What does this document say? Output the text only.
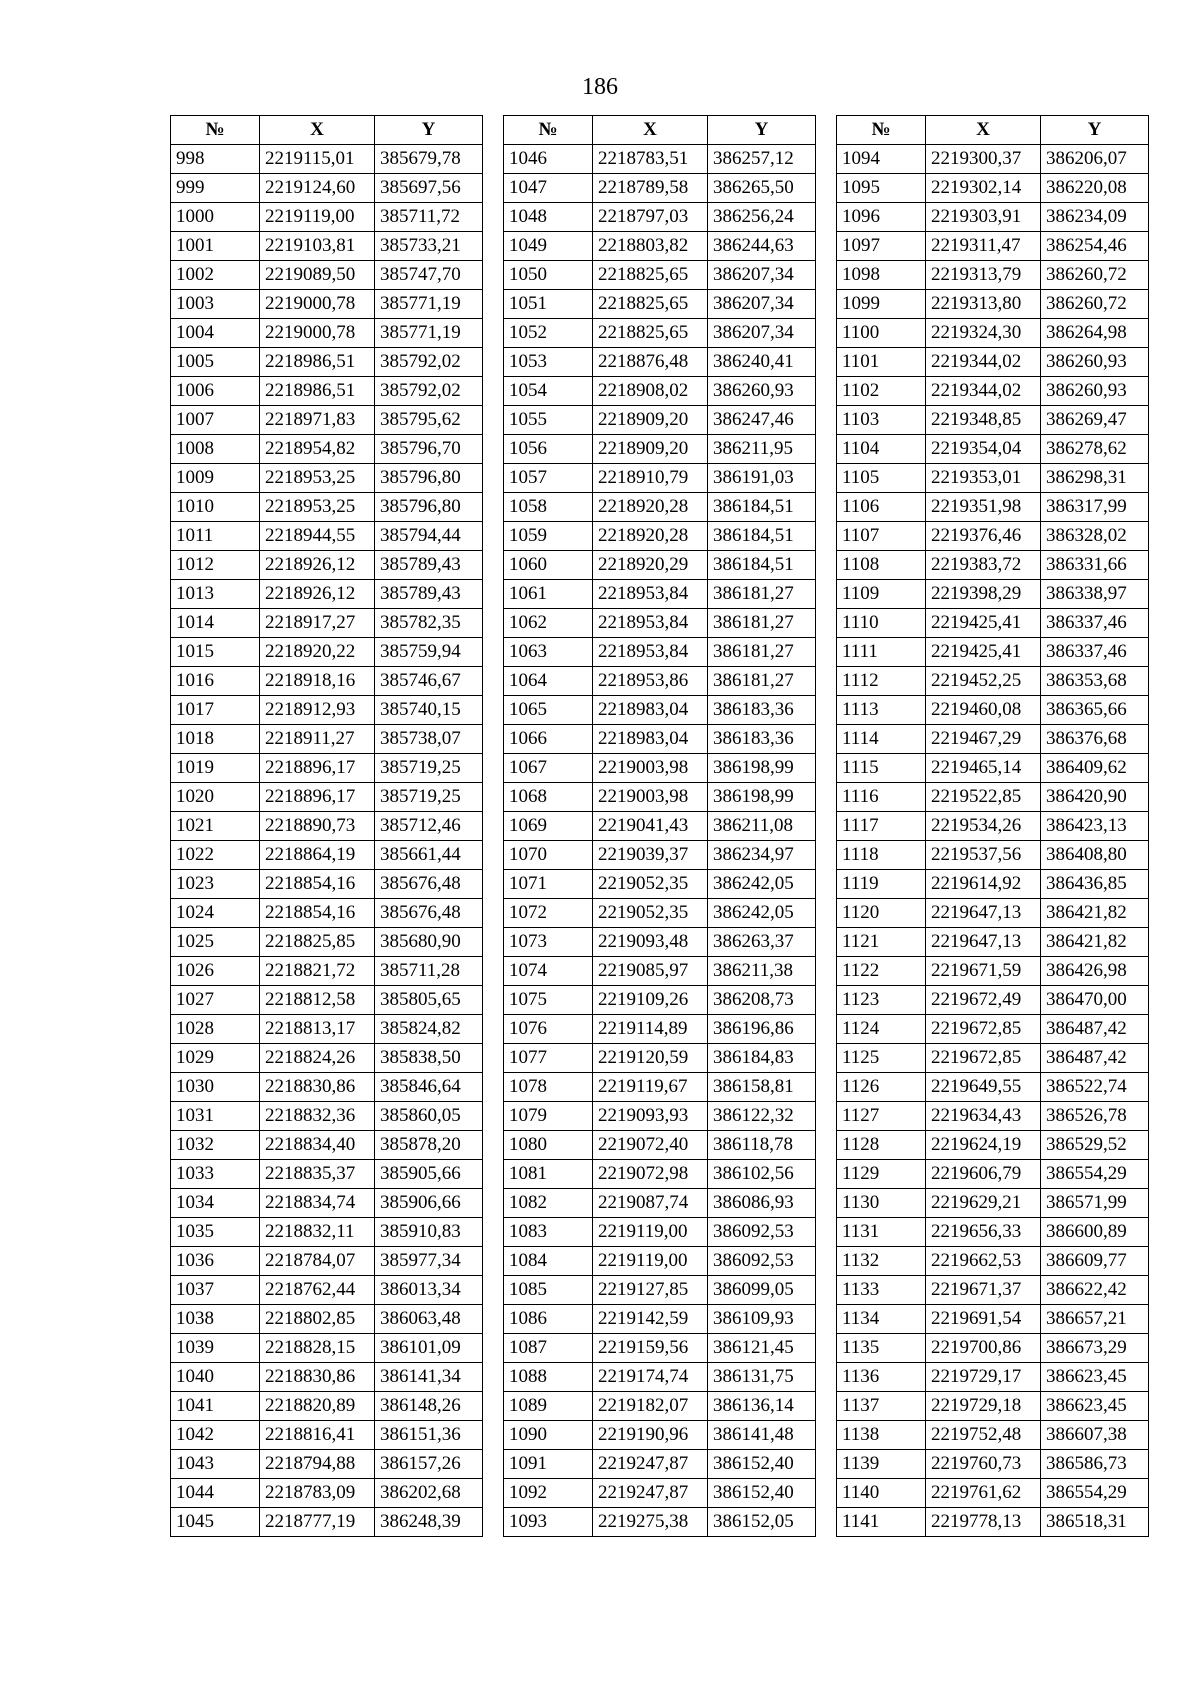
186
№	X	Y
998	2219115,01	385679,78
999	2219124,60	385697,56
1000	2219119,00	385711,72
1001	2219103,81	385733,21
1002	2219089,50	385747,70
1003	2219000,78	385771,19
1004	2219000,78	385771,19
1005	2218986,51	385792,02
1006	2218986,51	385792,02
1007	2218971,83	385795,62
1008	2218954,82	385796,70
1009	2218953,25	385796,80
1010	2218953,25	385796,80
1011	2218944,55	385794,44
1012	2218926,12	385789,43
1013	2218926,12	385789,43
1014	2218917,27	385782,35
1015	2218920,22	385759,94
1016	2218918,16	385746,67
1017	2218912,93	385740,15
1018	2218911,27	385738,07
1019	2218896,17	385719,25
1020	2218896,17	385719,25
1021	2218890,73	385712,46
1022	2218864,19	385661,44
1023	2218854,16	385676,48
1024	2218854,16	385676,48
1025	2218825,85	385680,90
1026	2218821,72	385711,28
1027	2218812,58	385805,65
1028	2218813,17	385824,82
1029	2218824,26	385838,50
1030	2218830,86	385846,64
1031	2218832,36	385860,05
1032	2218834,40	385878,20
1033	2218835,37	385905,66
1034	2218834,74	385906,66
1035	2218832,11	385910,83
1036	2218784,07	385977,34
1037	2218762,44	386013,34
1038	2218802,85	386063,48
1039	2218828,15	386101,09
1040	2218830,86	386141,34
1041	2218820,89	386148,26
1042	2218816,41	386151,36
1043	2218794,88	386157,26
1044	2218783,09	386202,68
1045	2218777,19	386248,39
№	X	Y
1046	2218783,51	386257,12
1047	2218789,58	386265,50
1048	2218797,03	386256,24
1049	2218803,82	386244,63
1050	2218825,65	386207,34
1051	2218825,65	386207,34
1052	2218825,65	386207,34
1053	2218876,48	386240,41
1054	2218908,02	386260,93
1055	2218909,20	386247,46
1056	2218909,20	386211,95
1057	2218910,79	386191,03
1058	2218920,28	386184,51
1059	2218920,28	386184,51
1060	2218920,29	386184,51
1061	2218953,84	386181,27
1062	2218953,84	386181,27
1063	2218953,84	386181,27
1064	2218953,86	386181,27
1065	2218983,04	386183,36
1066	2218983,04	386183,36
1067	2219003,98	386198,99
1068	2219003,98	386198,99
1069	2219041,43	386211,08
1070	2219039,37	386234,97
1071	2219052,35	386242,05
1072	2219052,35	386242,05
1073	2219093,48	386263,37
1074	2219085,97	386211,38
1075	2219109,26	386208,73
1076	2219114,89	386196,86
1077	2219120,59	386184,83
1078	2219119,67	386158,81
1079	2219093,93	386122,32
1080	2219072,40	386118,78
1081	2219072,98	386102,56
1082	2219087,74	386086,93
1083	2219119,00	386092,53
1084	2219119,00	386092,53
1085	2219127,85	386099,05
1086	2219142,59	386109,93
1087	2219159,56	386121,45
1088	2219174,74	386131,75
1089	2219182,07	386136,14
1090	2219190,96	386141,48
1091	2219247,87	386152,40
1092	2219247,87	386152,40
1093	2219275,38	386152,05
№	X	Y
1094	2219300,37	386206,07
1095	2219302,14	386220,08
1096	2219303,91	386234,09
1097	2219311,47	386254,46
1098	2219313,79	386260,72
1099	2219313,80	386260,72
1100	2219324,30	386264,98
1101	2219344,02	386260,93
1102	2219344,02	386260,93
1103	2219348,85	386269,47
1104	2219354,04	386278,62
1105	2219353,01	386298,31
1106	2219351,98	386317,99
1107	2219376,46	386328,02
1108	2219383,72	386331,66
1109	2219398,29	386338,97
1110	2219425,41	386337,46
1111	2219425,41	386337,46
1112	2219452,25	386353,68
1113	2219460,08	386365,66
1114	2219467,29	386376,68
1115	2219465,14	386409,62
1116	2219522,85	386420,90
1117	2219534,26	386423,13
1118	2219537,56	386408,80
1119	2219614,92	386436,85
1120	2219647,13	386421,82
1121	2219647,13	386421,82
1122	2219671,59	386426,98
1123	2219672,49	386470,00
1124	2219672,85	386487,42
1125	2219672,85	386487,42
1126	2219649,55	386522,74
1127	2219634,43	386526,78
1128	2219624,19	386529,52
1129	2219606,79	386554,29
1130	2219629,21	386571,99
1131	2219656,33	386600,89
1132	2219662,53	386609,77
1133	2219671,37	386622,42
1134	2219691,54	386657,21
1135	2219700,86	386673,29
1136	2219729,17	386623,45
1137	2219729,18	386623,45
1138	2219752,48	386607,38
1139	2219760,73	386586,73
1140	2219761,62	386554,29
1141	2219778,13	386518,31
